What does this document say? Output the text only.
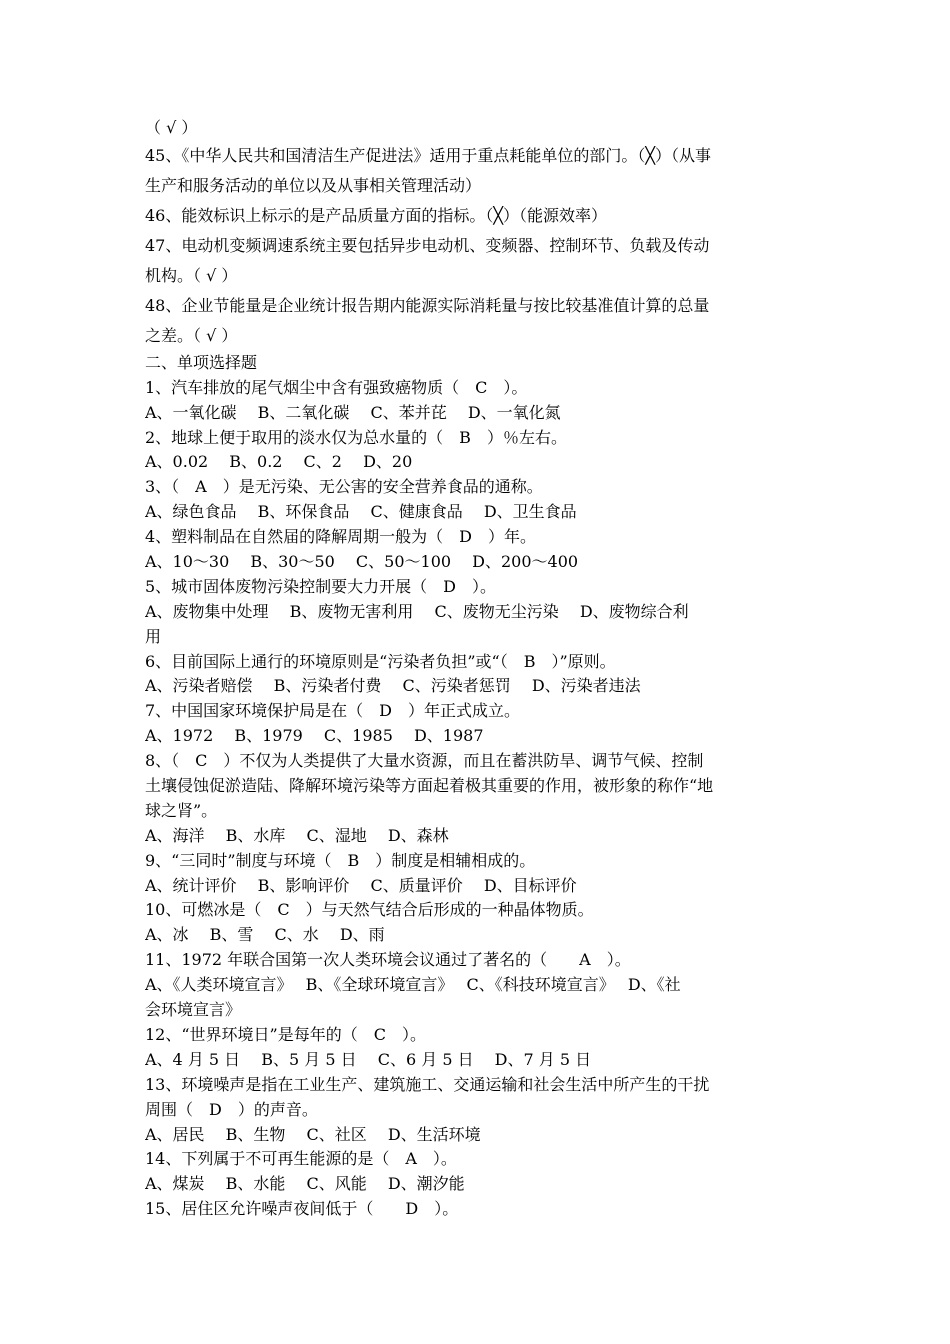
（ √ ）
45、《中华人民共和国清洁生产促进法》适用于重点耗能单位的部门。（╳）（从事
生产和服务活动的单位以及从事相关管理活动）
46、能效标识上标示的是产品质量方面的指标。（╳）（能源效率）
47、电动机变频调速系统主要包括异步电动机、变频器、控制环节、负载及传动
机构。（ √ ）
48、企业节能量是企业统计报告期内能源实际消耗量与按比较基准值计算的总量
之差。（ √ ）
二、单项选择题
1、汽车排放的尾气烟尘中含有强致癌物质（　C　）。
A、一氧化碳　 B、二氧化碳　 C、苯并芘　 D、一氧化氮
2、地球上便于取用的淡水仅为总水量的（　B　）％左右。
A、0.02　 B、0.2　 C、2　 D、20
3、（　A　）是无污染、无公害的安全营养食品的通称。
A、绿色食品　 B、环保食品　 C、健康食品　 D、卫生食品
4、塑料制品在自然届的降解周期一般为（　D　）年。
A、10～30　 B、30～50　 C、50～100　 D、200～400
5、城市固体废物污染控制要大力开展（　D　）。
A、废物集中处理　 B、废物无害利用　 C、废物无尘污染　 D、废物综合利
用
6、目前国际上通行的环境原则是“污染者负担”或“（　B　）”原则。
A、污染者赔偿　 B、污染者付费　 C、污染者惩罚　 D、污染者违法
7、中国国家环境保护局是在（　D　）年正式成立。
A、1972　 B、1979　 C、1985　 D、1987
8、（　C　）不仅为人类提供了大量水资源，而且在蓄洪防旱、调节气候、控制
土壤侵蚀促淤造陆、降解环境污染等方面起着极其重要的作用，被形象的称作“地
球之肾”。
A、海洋　 B、水库　 C、湿地　 D、森林
9、“三同时”制度与环境（　B　）制度是相辅相成的。
A、统计评价　 B、影响评价　 C、质量评价　 D、目标评价
10、可燃冰是（　C　）与天然气结合后形成的一种晶体物质。
A、冰　 B、雪　 C、水　 D、雨
11、1972 年联合国第一次人类环境会议通过了著名的（　　A　）。
A、《人类环境宣言》　 B、《全球环境宣言》　 C、《科技环境宣言》　 D、《社
会环境宣言》
12、“世界环境日”是每年的（　C　）。
A、4 月 5 日　 B、5 月 5 日　 C、6 月 5 日　 D、7 月 5 日
13、环境噪声是指在工业生产、建筑施工、交通运输和社会生活中所产生的干扰
周围（　D　）的声音。
A、居民　 B、生物　 C、社区　 D、生活环境
14、下列属于不可再生能源的是（　A　）。
A、煤炭　 B、水能　 C、风能　 D、潮汐能
15、居住区允许噪声夜间低于（　　D　）。
